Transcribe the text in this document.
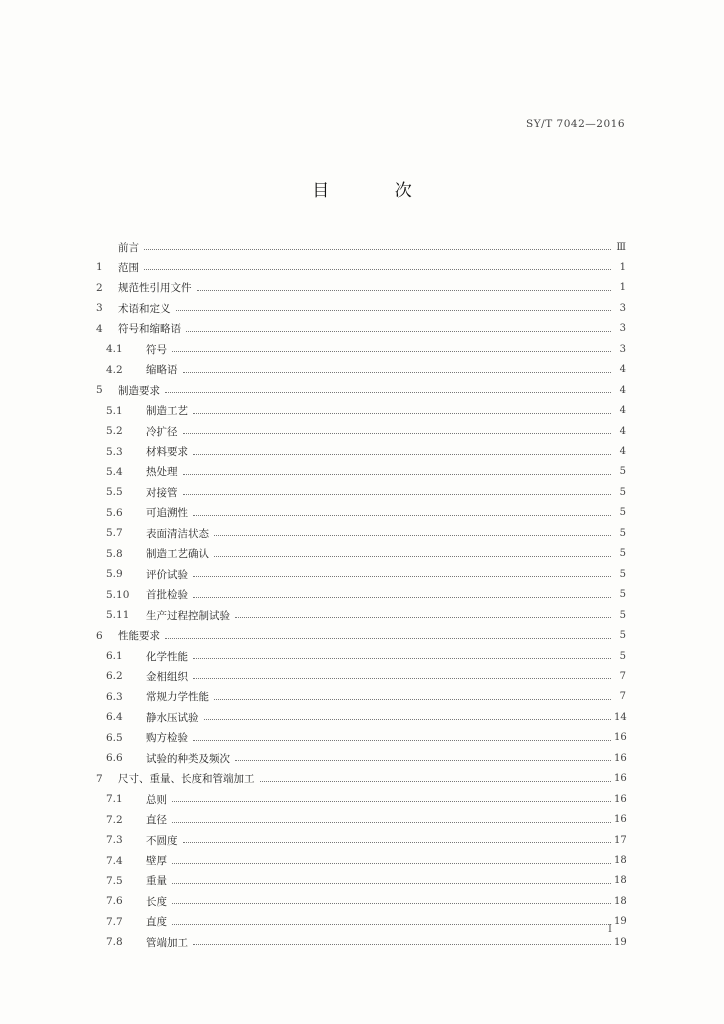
SY/T 7042—2016
目 次
前言	Ⅲ
1	范围	1
2	规范性引用文件	1
3	术语和定义	3
4	符号和缩略语	3
4.1	符号	3
4.2	缩略语	4
5	制造要求	4
5.1	制造工艺	4
5.2	冷扩径	4
5.3	材料要求	4
5.4	热处理	5
5.5	对接管	5
5.6	可追溯性	5
5.7	表面清洁状态	5
5.8	制造工艺确认	5
5.9	评价试验	5
5.10	首批检验	5
5.11	生产过程控制试验	5
6	性能要求	5
6.1	化学性能	5
6.2	金相组织	7
6.3	常规力学性能	7
6.4	静水压试验	14
6.5	购方检验	16
6.6	试验的种类及频次	16
7	尺寸、重量、长度和管端加工	16
7.1	总则	16
7.2	直径	16
7.3	不圆度	17
7.4	壁厚	18
7.5	重量	18
7.6	长度	18
7.7	直度	19
7.8	管端加工	19
Ⅰ
